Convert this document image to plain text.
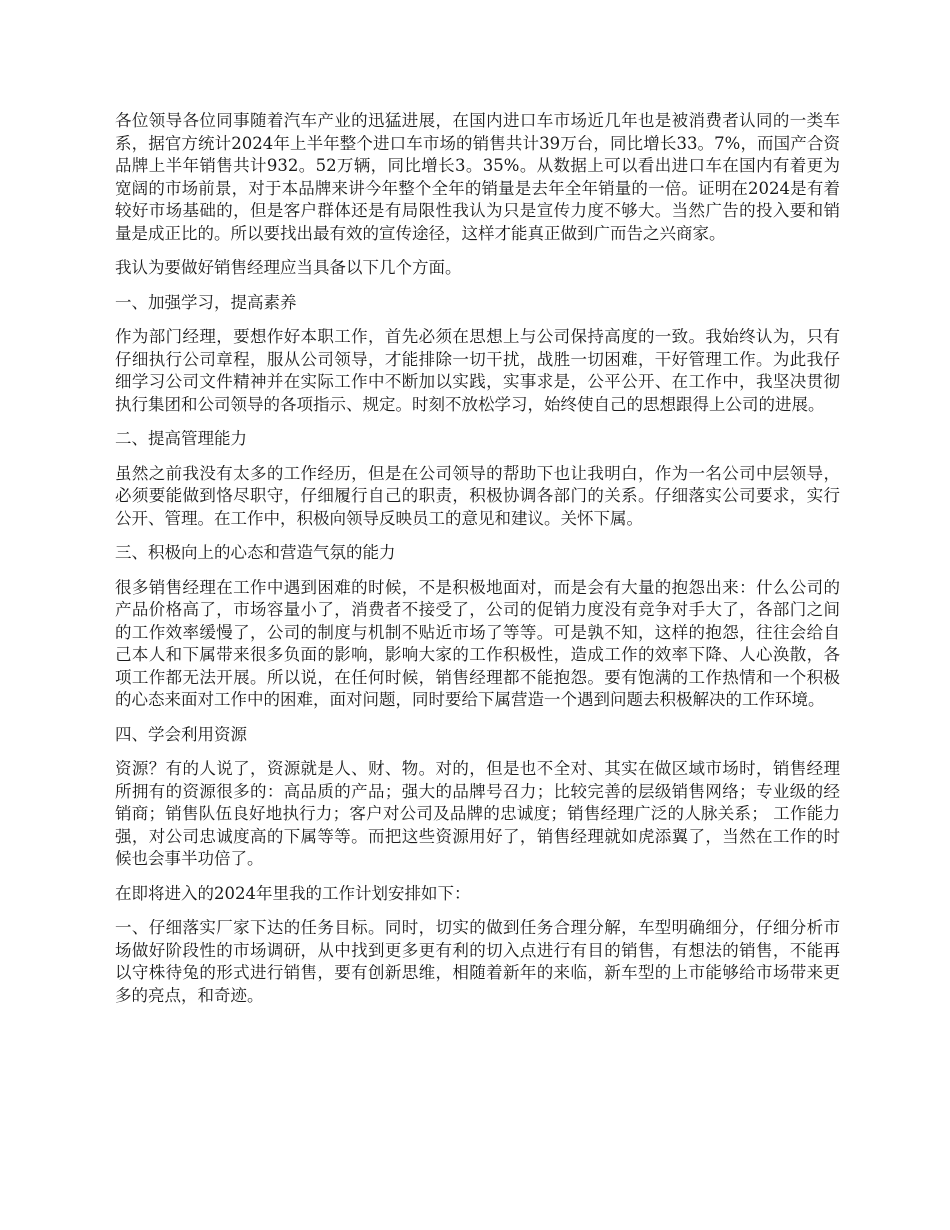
各位领导各位同事随着汽车产业的迅猛进展，在国内进口车市场近几年也是被消费者认同的一类车系，据官方统计2024年上半年整个进口车市场的销售共计39万台，同比增长33。7%，而国产合资品牌上半年销售共计932。52万辆，同比增长3。35%。从数据上可以看出进口车在国内有着更为宽阔的市场前景，对于本品牌来讲今年整个全年的销量是去年全年销量的一倍。证明在2024是有着较好市场基础的，但是客户群体还是有局限性我认为只是宣传力度不够大。当然广告的投入要和销量是成正比的。所以要找出最有效的宣传途径，这样才能真正做到广而告之兴商家。

我认为要做好销售经理应当具备以下几个方面。

一、加强学习，提高素养

作为部门经理，要想作好本职工作，首先必须在思想上与公司保持高度的一致。我始终认为，只有仔细执行公司章程，服从公司领导，才能排除一切干扰，战胜一切困难，干好管理工作。为此我仔细学习公司文件精神并在实际工作中不断加以实践，实事求是，公平公开、在工作中，我坚决贯彻执行集团和公司领导的各项指示、规定。时刻不放松学习，始终使自己的思想跟得上公司的进展。

二、提高管理能力

虽然之前我没有太多的工作经历，但是在公司领导的帮助下也让我明白，作为一名公司中层领导，必须要能做到恪尽职守，仔细履行自己的职责，积极协调各部门的关系。仔细落实公司要求，实行公开、管理。在工作中，积极向领导反映员工的意见和建议。关怀下属。

三、积极向上的心态和营造气氛的能力

很多销售经理在工作中遇到困难的时候，不是积极地面对，而是会有大量的抱怨出来：什么公司的产品价格高了，市场容量小了，消费者不接受了，公司的促销力度没有竞争对手大了，各部门之间的工作效率缓慢了，公司的制度与机制不贴近市场了等等。可是孰不知，这样的抱怨，往往会给自己本人和下属带来很多负面的影响，影响大家的工作积极性，造成工作的效率下降、人心涣散，各项工作都无法开展。所以说，在任何时候，销售经理都不能抱怨。要有饱满的工作热情和一个积极的心态来面对工作中的困难，面对问题，同时要给下属营造一个遇到问题去积极解决的工作环境。

四、学会利用资源

资源？有的人说了，资源就是人、财、物。对的，但是也不全对、其实在做区域市场时，销售经理所拥有的资源很多的：高品质的产品；强大的品牌号召力；比较完善的层级销售网络；专业级的经销商；销售队伍良好地执行力；客户对公司及品牌的忠诚度；销售经理广泛的人脉关系； 工作能力强，对公司忠诚度高的下属等等。而把这些资源用好了，销售经理就如虎添翼了，当然在工作的时候也会事半功倍了。

在即将进入的2024年里我的工作计划安排如下：

一、仔细落实厂家下达的任务目标。同时，切实的做到任务合理分解，车型明确细分，仔细分析市场做好阶段性的市场调研，从中找到更多更有利的切入点进行有目的销售，有想法的销售，不能再以守株待兔的形式进行销售，要有创新思维，相随着新年的来临，新车型的上市能够给市场带来更多的亮点，和奇迹。
